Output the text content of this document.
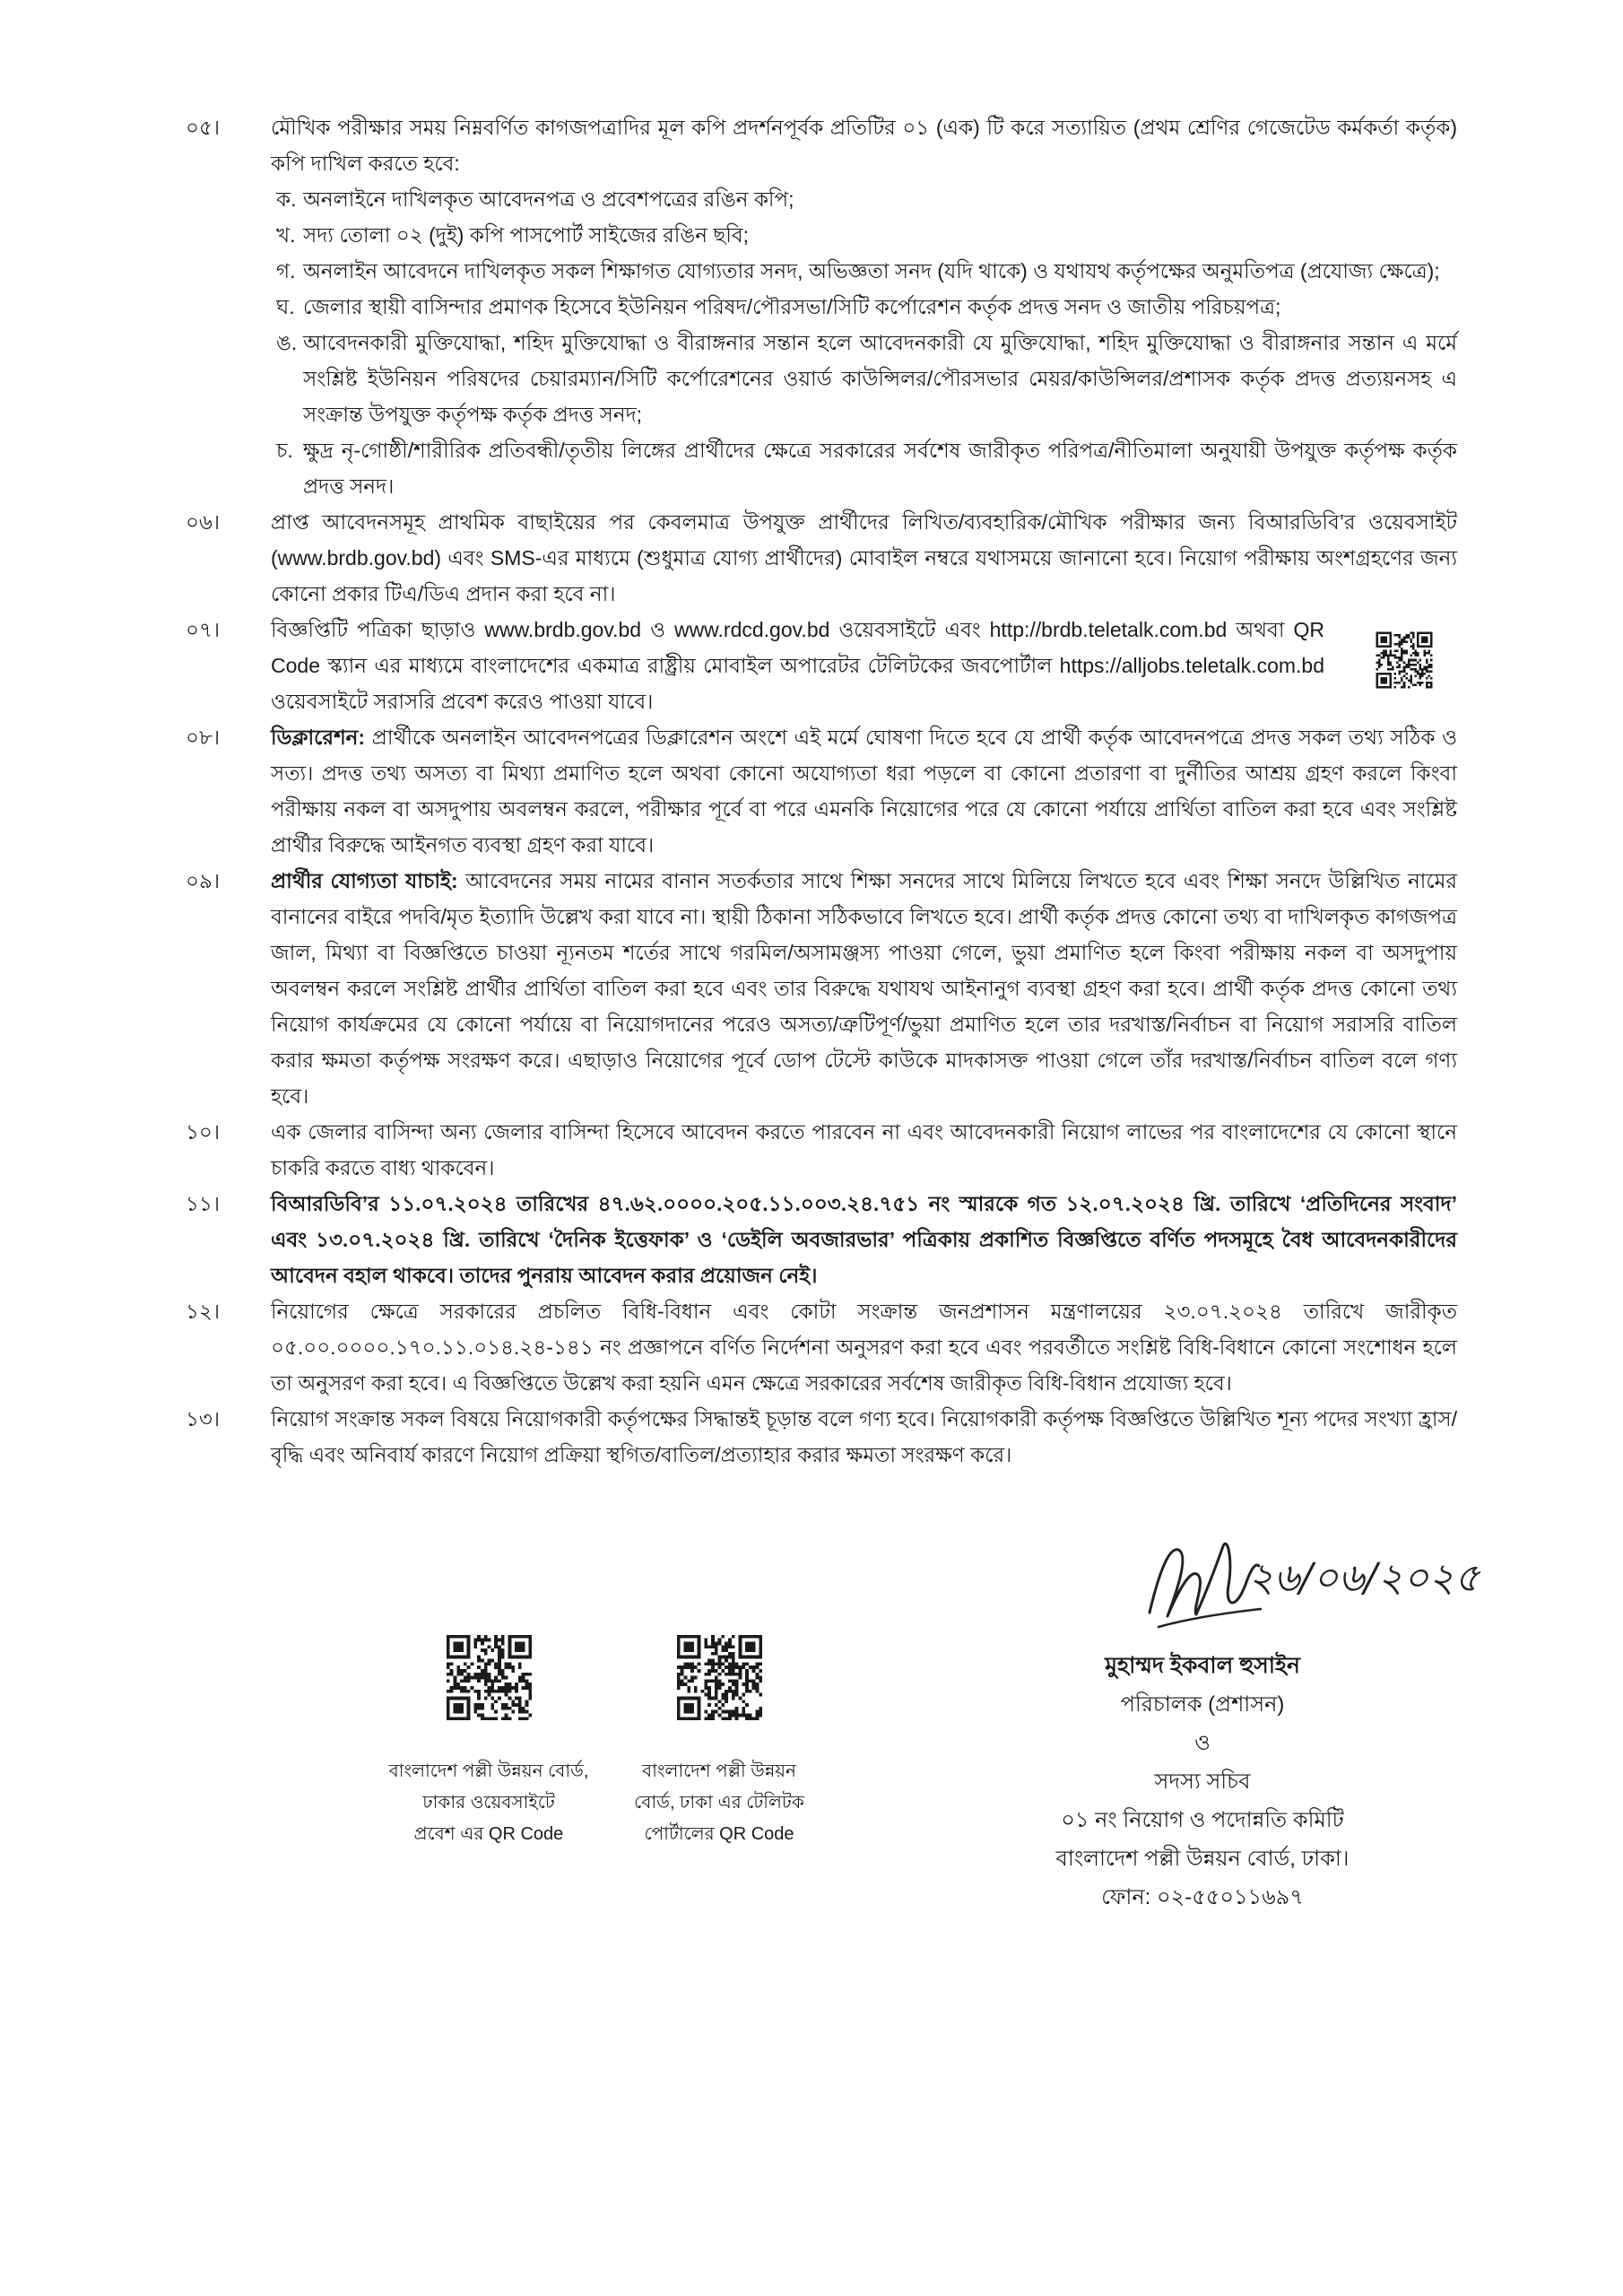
০৫।	মৌখিক পরীক্ষার সময় নিম্নবর্ণিত কাগজপত্রাদির মূল কপি প্রদর্শনপূর্বক প্রতিটির ০১ (এক) টি করে সত্যায়িত (প্রথম শ্রেণির গেজেটেড কর্মকর্তা কর্তৃক) কপি দাখিল করতে হবে:
ক. অনলাইনে দাখিলকৃত আবেদনপত্র ও প্রবেশপত্রের রঙিন কপি;
খ. সদ্য তোলা ০২ (দুই) কপি পাসপোর্ট সাইজের রঙিন ছবি;
গ. অনলাইন আবেদনে দাখিলকৃত সকল শিক্ষাগত যোগ্যতার সনদ, অভিজ্ঞতা সনদ (যদি থাকে) ও যথাযথ কর্তৃপক্ষের অনুমতিপত্র (প্রযোজ্য ক্ষেত্রে);
ঘ. জেলার স্থায়ী বাসিন্দার প্রমাণক হিসেবে ইউনিয়ন পরিষদ/পৌরসভা/সিটি কর্পোরেশন কর্তৃক প্রদত্ত সনদ ও জাতীয় পরিচয়পত্র;
ঙ. আবেদনকারী মুক্তিযোদ্ধা, শহিদ মুক্তিযোদ্ধা ও বীরাঙ্গনার সন্তান হলে আবেদনকারী যে মুক্তিযোদ্ধা, শহিদ মুক্তিযোদ্ধা ও বীরাঙ্গনার সন্তান এ মর্মে সংশ্লিষ্ট ইউনিয়ন পরিষদের চেয়ারম্যান/সিটি কর্পোরেশনের ওয়ার্ড কাউন্সিলর/পৌরসভার মেয়র/কাউন্সিলর/প্রশাসক কর্তৃক প্রদত্ত প্রত্যয়নসহ এ সংক্রান্ত উপযুক্ত কর্তৃপক্ষ কর্তৃক প্রদত্ত সনদ;
চ. ক্ষুদ্র নৃ-গোষ্ঠী/শারীরিক প্রতিবন্ধী/তৃতীয় লিঙ্গের প্রার্থীদের ক্ষেত্রে সরকারের সর্বশেষ জারীকৃত পরিপত্র/নীতিমালা অনুযায়ী উপযুক্ত কর্তৃপক্ষ কর্তৃক প্রদত্ত সনদ।
০৬।	প্রাপ্ত আবেদনসমূহ প্রাথমিক বাছাইয়ের পর কেবলমাত্র উপযুক্ত প্রার্থীদের লিখিত/ব্যবহারিক/মৌখিক পরীক্ষার জন্য বিআরডিবি’র ওয়েবসাইট (www.brdb.gov.bd) এবং SMS-এর মাধ্যমে (শুধুমাত্র যোগ্য প্রার্থীদের) মোবাইল নম্বরে যথাসময়ে জানানো হবে। নিয়োগ পরীক্ষায় অংশগ্রহণের জন্য কোনো প্রকার টিএ/ডিএ প্রদান করা হবে না।
০৭।	বিজ্ঞপ্তিটি পত্রিকা ছাড়াও www.brdb.gov.bd ও www.rdcd.gov.bd ওয়েবসাইটে এবং http://brdb.teletalk.com.bd অথবা QR Code স্ক্যান এর মাধ্যমে বাংলাদেশের একমাত্র রাষ্ট্রীয় মোবাইল অপারেটর টেলিটকের জবপোর্টাল https://alljobs.teletalk.com.bd ওয়েবসাইটে সরাসরি প্রবেশ করেও পাওয়া যাবে।
০৮।	ডিক্লারেশন: প্রার্থীকে অনলাইন আবেদনপত্রের ডিক্লারেশন অংশে এই মর্মে ঘোষণা দিতে হবে যে প্রার্থী কর্তৃক আবেদনপত্রে প্রদত্ত সকল তথ্য সঠিক ও সত্য। প্রদত্ত তথ্য অসত্য বা মিথ্যা প্রমাণিত হলে অথবা কোনো অযোগ্যতা ধরা পড়লে বা কোনো প্রতারণা বা দুর্নীতির আশ্রয় গ্রহণ করলে কিংবা পরীক্ষায় নকল বা অসদুপায় অবলম্বন করলে, পরীক্ষার পূর্বে বা পরে এমনকি নিয়োগের পরে যে কোনো পর্যায়ে প্রার্থিতা বাতিল করা হবে এবং সংশ্লিষ্ট প্রার্থীর বিরুদ্ধে আইনগত ব্যবস্থা গ্রহণ করা যাবে।
০৯।	প্রার্থীর যোগ্যতা যাচাই: আবেদনের সময় নামের বানান সতর্কতার সাথে শিক্ষা সনদের সাথে মিলিয়ে লিখতে হবে এবং শিক্ষা সনদে উল্লিখিত নামের বানানের বাইরে পদবি/মৃত ইত্যাদি উল্লেখ করা যাবে না। স্থায়ী ঠিকানা সঠিকভাবে লিখতে হবে। প্রার্থী কর্তৃক প্রদত্ত কোনো তথ্য বা দাখিলকৃত কাগজপত্র জাল, মিথ্যা বা বিজ্ঞপ্তিতে চাওয়া ন্যূনতম শর্তের সাথে গরমিল/অসামঞ্জস্য পাওয়া গেলে, ভুয়া প্রমাণিত হলে কিংবা পরীক্ষায় নকল বা অসদুপায় অবলম্বন করলে সংশ্লিষ্ট প্রার্থীর প্রার্থিতা বাতিল করা হবে এবং তার বিরুদ্ধে যথাযথ আইনানুগ ব্যবস্থা গ্রহণ করা হবে। প্রার্থী কর্তৃক প্রদত্ত কোনো তথ্য নিয়োগ কার্যক্রমের যে কোনো পর্যায়ে বা নিয়োগদানের পরেও অসত্য/ত্রুটিপূর্ণ/ভুয়া প্রমাণিত হলে তার দরখাস্ত/নির্বাচন বা নিয়োগ সরাসরি বাতিল করার ক্ষমতা কর্তৃপক্ষ সংরক্ষণ করে। এছাড়াও নিয়োগের পূর্বে ডোপ টেস্টে কাউকে মাদকাসক্ত পাওয়া গেলে তাঁর দরখাস্ত/নির্বাচন বাতিল বলে গণ্য হবে।
১০।	এক জেলার বাসিন্দা অন্য জেলার বাসিন্দা হিসেবে আবেদন করতে পারবেন না এবং আবেদনকারী নিয়োগ লাভের পর বাংলাদেশের যে কোনো স্থানে চাকরি করতে বাধ্য থাকবেন।
১১।	বিআরডিবি’র ১১.০৭.২০২৪ তারিখের ৪৭.৬২.০০০০.২০৫.১১.০০৩.২৪.৭৫১ নং স্মারকে গত ১২.০৭.২০২৪ খ্রি. তারিখে ‘প্রতিদিনের সংবাদ’ এবং ১৩.০৭.২০২৪ খ্রি. তারিখে ‘দৈনিক ইত্তেফাক’ ও ‘ডেইলি অবজারভার’ পত্রিকায় প্রকাশিত বিজ্ঞপ্তিতে বর্ণিত পদসমূহে বৈধ আবেদনকারীদের আবেদন বহাল থাকবে। তাদের পুনরায় আবেদন করার প্রয়োজন নেই।
১২।	নিয়োগের ক্ষেত্রে সরকারের প্রচলিত বিধি-বিধান এবং কোটা সংক্রান্ত জনপ্রশাসন মন্ত্রণালয়ের ২৩.০৭.২০২৪ তারিখে জারীকৃত ০৫.০০.০০০০.১৭০.১১.০১৪.২৪-১৪১ নং প্রজ্ঞাপনে বর্ণিত নির্দেশনা অনুসরণ করা হবে এবং পরবর্তীতে সংশ্লিষ্ট বিধি-বিধানে কোনো সংশোধন হলে তা অনুসরণ করা হবে। এ বিজ্ঞপ্তিতে উল্লেখ করা হয়নি এমন ক্ষেত্রে সরকারের সর্বশেষ জারীকৃত বিধি-বিধান প্রযোজ্য হবে।
১৩।	নিয়োগ সংক্রান্ত সকল বিষয়ে নিয়োগকারী কর্তৃপক্ষের সিদ্ধান্তই চূড়ান্ত বলে গণ্য হবে। নিয়োগকারী কর্তৃপক্ষ বিজ্ঞপ্তিতে উল্লিখিত শূন্য পদের সংখ্যা হ্রাস/বৃদ্ধি এবং অনিবার্য কারণে নিয়োগ প্রক্রিয়া স্থগিত/বাতিল/প্রত্যাহার করার ক্ষমতা সংরক্ষণ করে।
বাংলাদেশ পল্লী উন্নয়ন বোর্ড,
ঢাকার ওয়েবসাইটে
প্রবেশ এর QR Code
বাংলাদেশ পল্লী উন্নয়ন
বোর্ড, ঢাকা এর টেলিটক
পোর্টালের QR Code
২৬/০৬/২০২৫
মুহাম্মদ ইকবাল হুসাইন
পরিচালক (প্রশাসন)
ও
সদস্য সচিব
০১ নং নিয়োগ ও পদোন্নতি কমিটি
বাংলাদেশ পল্লী উন্নয়ন বোর্ড, ঢাকা।
ফোন: ০২-৫৫০১১৬৯৭
